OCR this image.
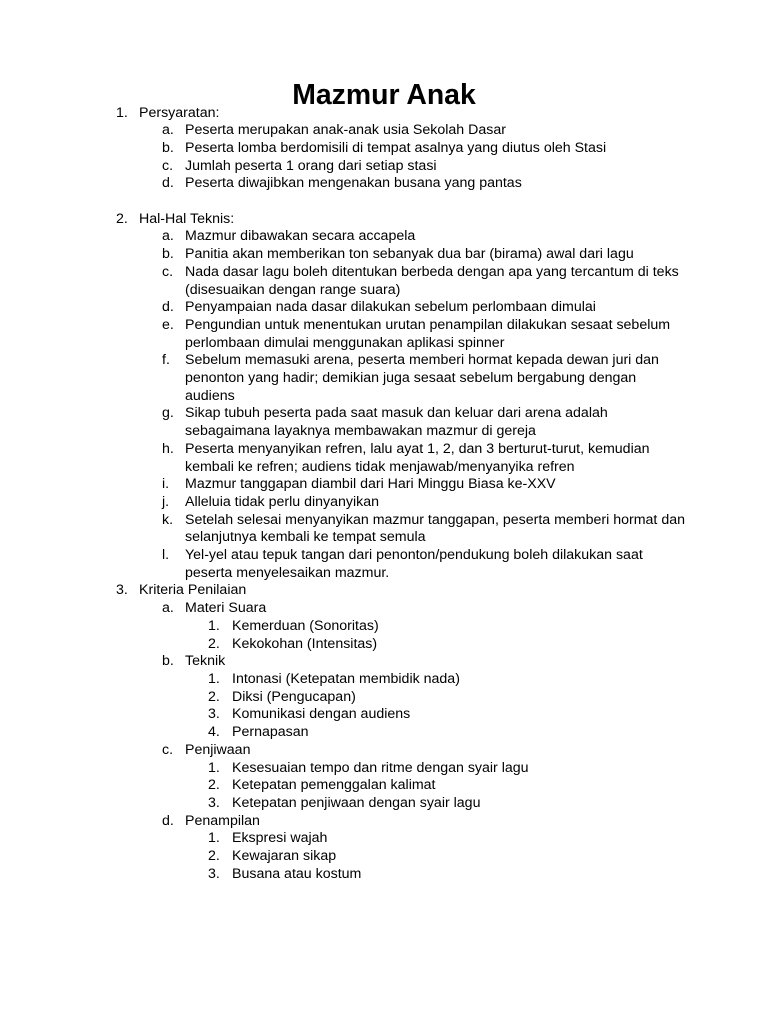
Mazmur Anak
1. Persyaratan:
a. Peserta merupakan anak-anak usia Sekolah Dasar
b. Peserta lomba berdomisili di tempat asalnya yang diutus oleh Stasi
c. Jumlah peserta 1 orang dari setiap stasi
d. Peserta diwajibkan mengenakan busana yang pantas
2. Hal-Hal Teknis:
a. Mazmur dibawakan secara accapela
b. Panitia akan memberikan ton sebanyak dua bar (birama) awal dari lagu
c. Nada dasar lagu boleh ditentukan berbeda dengan apa yang tercantum di teks (disesuaikan dengan range suara)
d. Penyampaian nada dasar dilakukan sebelum perlombaan dimulai
e. Pengundian untuk menentukan urutan penampilan dilakukan sesaat sebelum perlombaan dimulai menggunakan aplikasi spinner
f. Sebelum memasuki arena, peserta memberi hormat kepada dewan juri dan penonton yang hadir; demikian juga sesaat sebelum bergabung dengan audiens
g. Sikap tubuh peserta pada saat masuk dan keluar dari arena adalah sebagaimana layaknya membawakan mazmur di gereja
h. Peserta menyanyikan refren, lalu ayat 1, 2, dan 3 berturut-turut, kemudian kembali ke refren; audiens tidak menjawab/menyanyika refren
i. Mazmur tanggapan diambil dari Hari Minggu Biasa ke-XXV
j. Alleluia tidak perlu dinyanyikan
k. Setelah selesai menyanyikan mazmur tanggapan, peserta memberi hormat dan selanjutnya kembali ke tempat semula
l. Yel-yel atau tepuk tangan dari penonton/pendukung boleh dilakukan saat peserta menyelesaikan mazmur.
3. Kriteria Penilaian
a. Materi Suara
1. Kemerduan (Sonoritas)
2. Kekokohan (Intensitas)
b. Teknik
1. Intonasi (Ketepatan membidik nada)
2. Diksi (Pengucapan)
3. Komunikasi dengan audiens
4. Pernapasan
c. Penjiwaan
1. Kesesuaian tempo dan ritme dengan syair lagu
2. Ketepatan pemenggalan kalimat
3. Ketepatan penjiwaan dengan syair lagu
d. Penampilan
1. Ekspresi wajah
2. Kewajaran sikap
3. Busana atau kostum
